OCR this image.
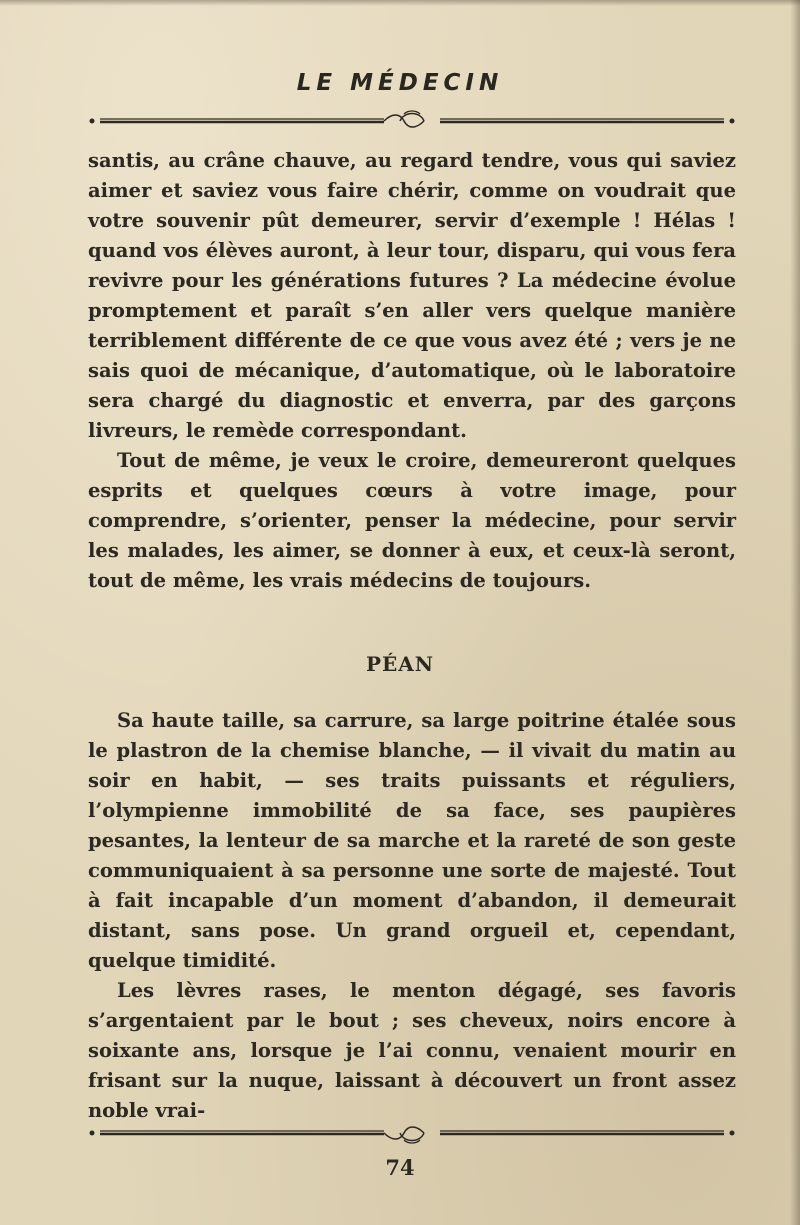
LE MÉDECIN

santis, au crâne chauve, au regard tendre, vous qui saviez aimer et saviez vous faire chérir, comme on voudrait que votre souvenir pût demeurer, servir d’exemple ! Hélas ! quand vos élèves auront, à leur tour, disparu, qui vous fera revivre pour les générations futures ? La médecine évolue promptement et paraît s’en aller vers quelque manière terriblement différente de ce que vous avez été ; vers je ne sais quoi de mécanique, d’automatique, où le laboratoire sera chargé du diagnostic et enverra, par des garçons livreurs, le remède correspondant.

Tout de même, je veux le croire, demeureront quelques esprits et quelques cœurs à votre image, pour comprendre, s’orienter, penser la médecine, pour servir les malades, les aimer, se donner à eux, et ceux-là seront, tout de même, les vrais médecins de toujours.

PÉAN

Sa haute taille, sa carrure, sa large poitrine étalée sous le plastron de la chemise blanche, — il vivait du matin au soir en habit, — ses traits puissants et réguliers, l’olympienne immobilité de sa face, ses paupières pesantes, la lenteur de sa marche et la rareté de son geste communiquaient à sa personne une sorte de majesté. Tout à fait incapable d’un moment d’abandon, il demeurait distant, sans pose. Un grand orgueil et, cependant, quelque timidité.

Les lèvres rases, le menton dégagé, ses favoris s’argentaient par le bout ; ses cheveux, noirs encore à soixante ans, lorsque je l’ai connu, venaient mourir en frisant sur la nuque, laissant à découvert un front assez noble vrai-

74
